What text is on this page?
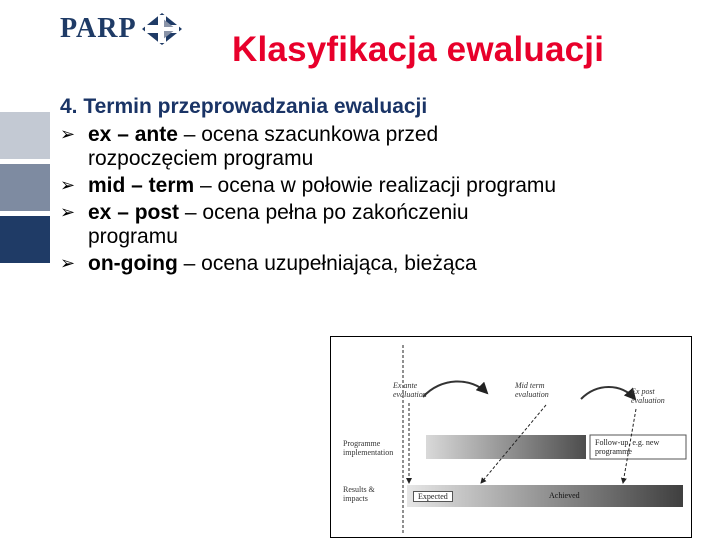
PARP
Klasyfikacja ewaluacji

4. Termin przeprowadzania ewaluacji

➢ ex – ante – ocena szacunkowa przed rozpoczęciem programu
➢ mid – term – ocena w połowie realizacji programu
➢ ex – post – ocena pełna po zakończeniu programu
➢ on-going – ocena uzupełniająca, bieżąca
Ex ante evaluation
Mid term evaluation	Ex post evaluation
Programme implementation
Follow-up, e.g. new programme
Results & impacts	Expected	Achieved
